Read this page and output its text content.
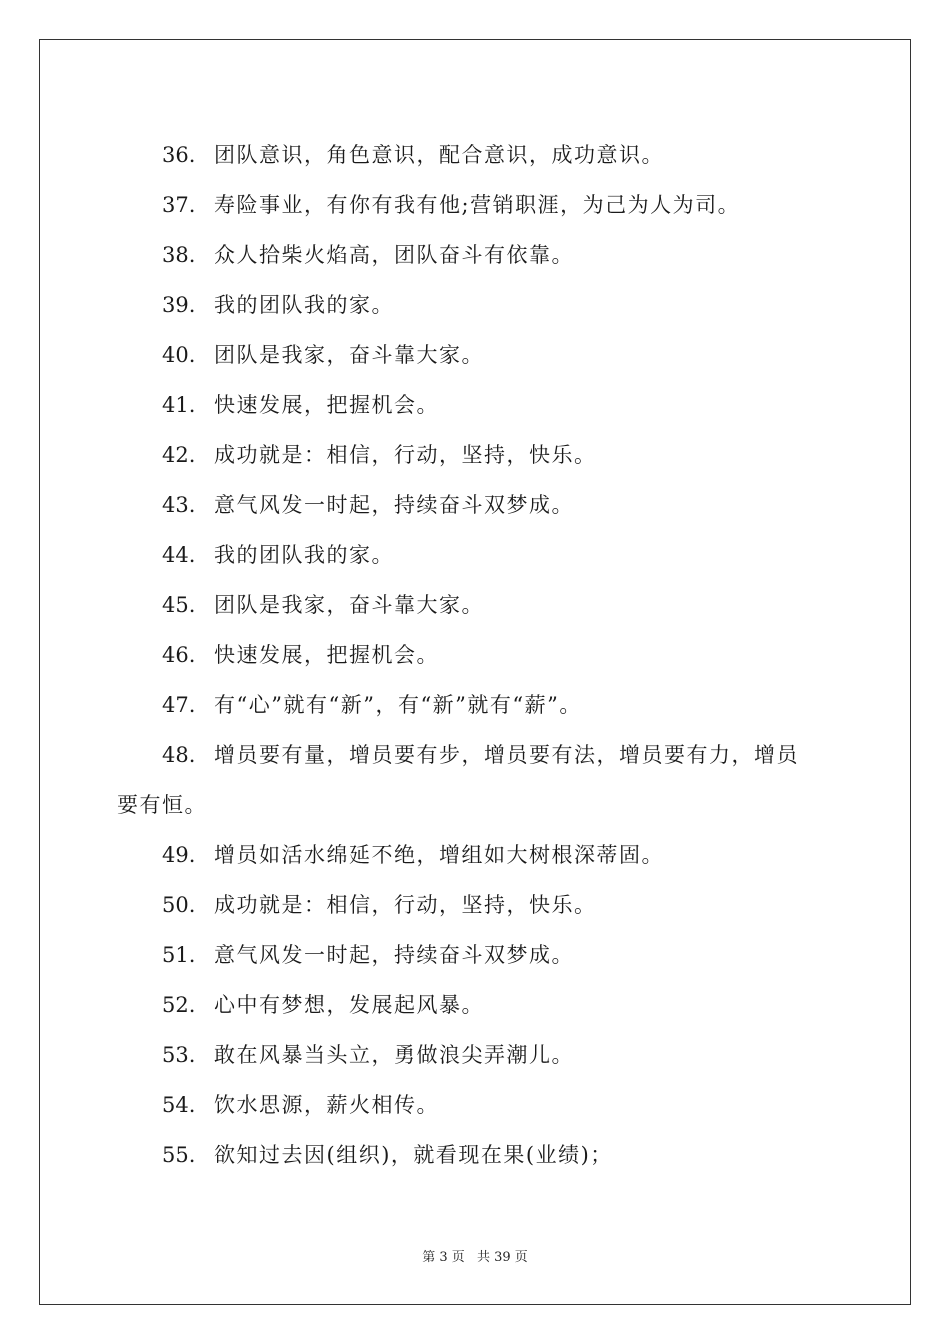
36. 团队意识，角色意识，配合意识，成功意识。
37. 寿险事业，有你有我有他;营销职涯，为己为人为司。
38. 众人拾柴火焰高，团队奋斗有依靠。
39. 我的团队我的家。
40. 团队是我家，奋斗靠大家。
41. 快速发展，把握机会。
42. 成功就是：相信，行动，坚持，快乐。
43. 意气风发一时起，持续奋斗双梦成。
44. 我的团队我的家。
45. 团队是我家，奋斗靠大家。
46. 快速发展，把握机会。
47. 有“心”就有“新”，有“新”就有“薪”。
48. 增员要有量，增员要有步，增员要有法，增员要有力，增员
要有恒。
49. 增员如活水绵延不绝，增组如大树根深蒂固。
50. 成功就是：相信，行动，坚持，快乐。
51. 意气风发一时起，持续奋斗双梦成。
52. 心中有梦想，发展起风暴。
53. 敢在风暴当头立，勇做浪尖弄潮儿。
54. 饮水思源，薪火相传。
55. 欲知过去因(组织)，就看现在果(业绩)；
第 3 页 共 39 页
